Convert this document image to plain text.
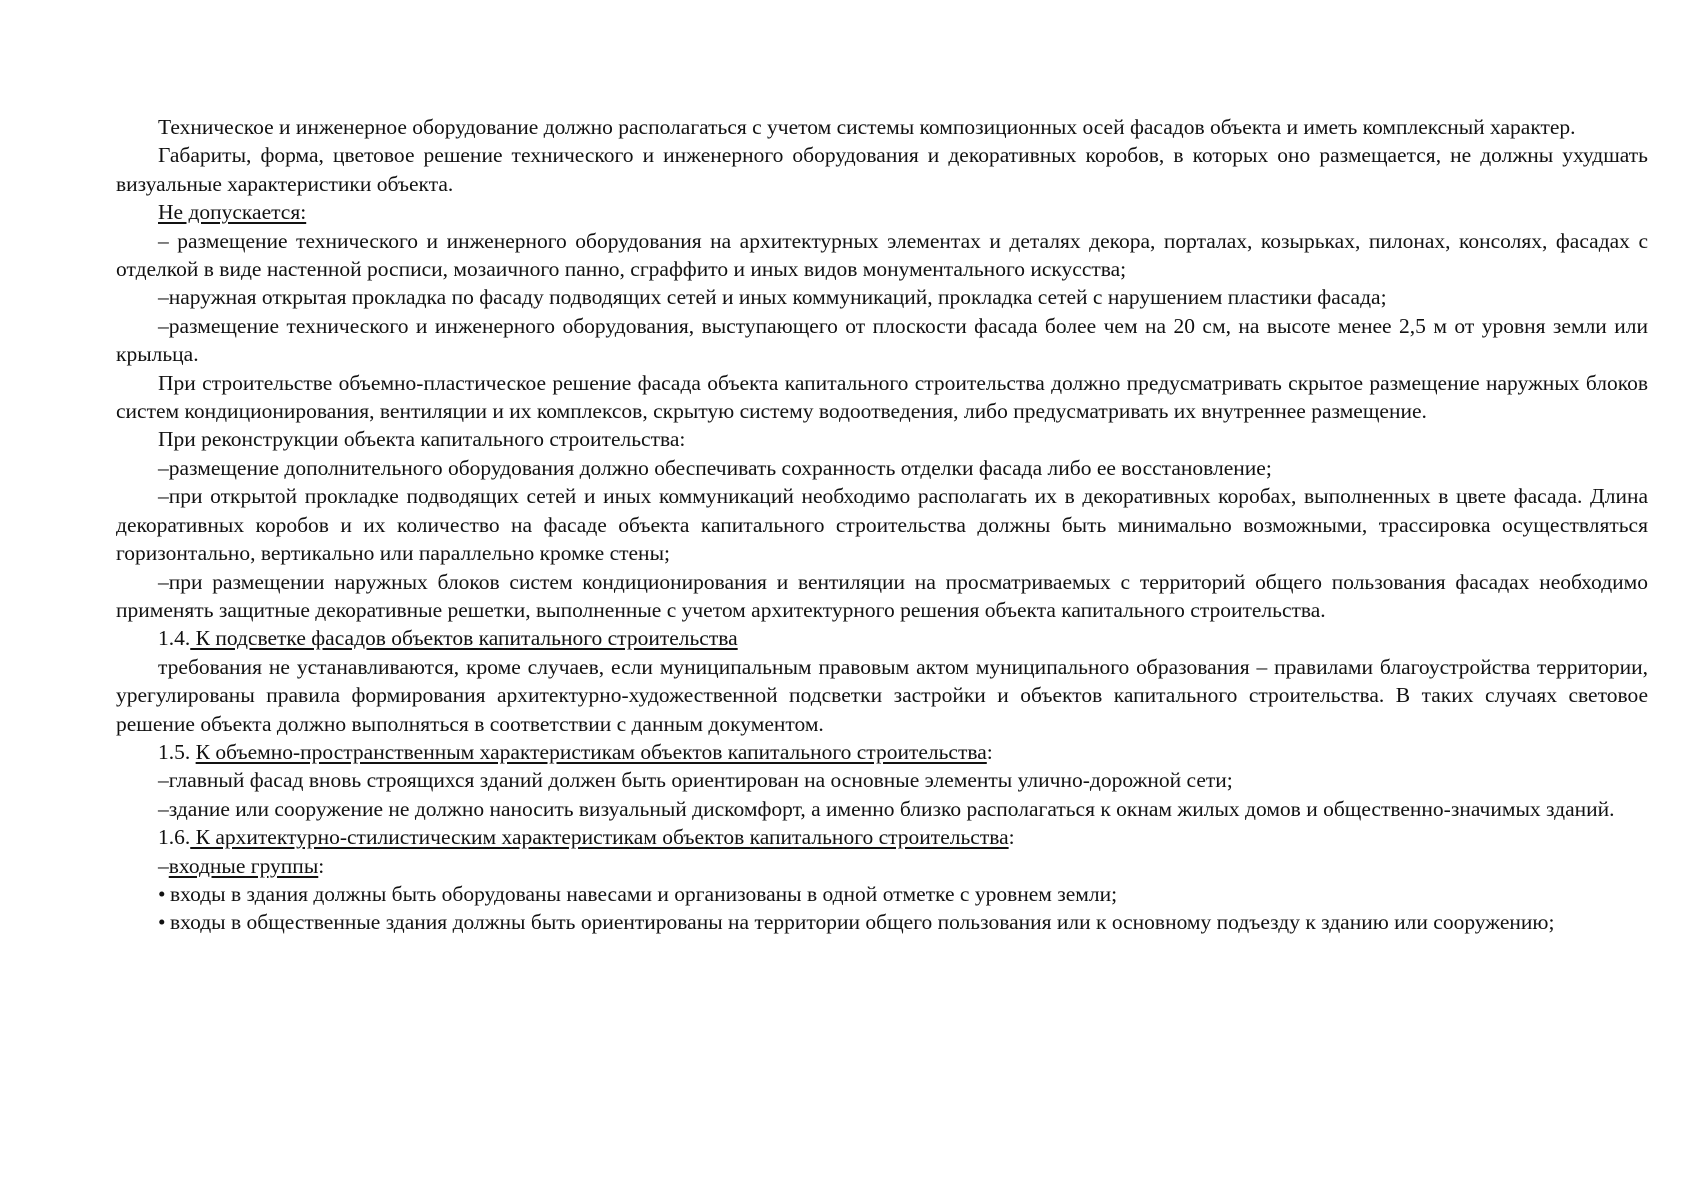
Техническое и инженерное оборудование должно располагаться с учетом системы композиционных осей фасадов объекта и иметь комплексный характер.

Габариты, форма, цветовое решение технического и инженерного оборудования и декоративных коробов, в которых оно размещается, не должны ухудшать визуальные характеристики объекта.

Не допускается:

– размещение технического и инженерного оборудования на архитектурных элементах и деталях декора, порталах, козырьках, пилонах, консолях, фасадах с отделкой в виде настенной росписи, мозаичного панно, сграффито и иных видов монументального искусства;

–наружная открытая прокладка по фасаду подводящих сетей и иных коммуникаций, прокладка сетей с нарушением пластики фасада;

–размещение технического и инженерного оборудования, выступающего от плоскости фасада более чем на 20 см, на высоте менее 2,5 м от уровня земли или крыльца.

При строительстве объемно-пластическое решение фасада объекта капитального строительства должно предусматривать скрытое размещение наружных блоков систем кондиционирования, вентиляции и их комплексов, скрытую систему водоотведения, либо предусматривать их внутреннее размещение.

При реконструкции объекта капитального строительства:

–размещение дополнительного оборудования должно обеспечивать сохранность отделки фасада либо ее восстановление;

–при открытой прокладке подводящих сетей и иных коммуникаций необходимо располагать их в декоративных коробах, выполненных в цвете фасада. Длина декоративных коробов и их количество на фасаде объекта капитального строительства должны быть минимально возможными, трассировка осуществляться горизонтально, вертикально или параллельно кромке стены;

–при размещении наружных блоков систем кондиционирования и вентиляции на просматриваемых с территорий общего пользования фасадах необходимо применять защитные декоративные решетки, выполненные с учетом архитектурного решения объекта капитального строительства.

1.4. К подсветке фасадов объектов капитального строительства

требования не устанавливаются, кроме случаев, если муниципальным правовым актом муниципального образования – правилами благоустройства территории, урегулированы правила формирования архитектурно-художественной подсветки застройки и объектов капитального строительства. В таких случаях световое решение объекта должно выполняться в соответствии с данным документом.

1.5. К объемно-пространственным характеристикам объектов капитального строительства:

–главный фасад вновь строящихся зданий должен быть ориентирован на основные элементы улично-дорожной сети;

–здание или сооружение не должно наносить визуальный дискомфорт, а именно близко располагаться к окнам жилых домов и общественно-значимых зданий.

1.6. К архитектурно-стилистическим характеристикам объектов капитального строительства:

–входные группы:

• входы в здания должны быть оборудованы навесами и организованы в одной отметке с уровнем земли;

• входы в общественные здания должны быть ориентированы на территории общего пользования или к основному подъезду к зданию или сооружению;
